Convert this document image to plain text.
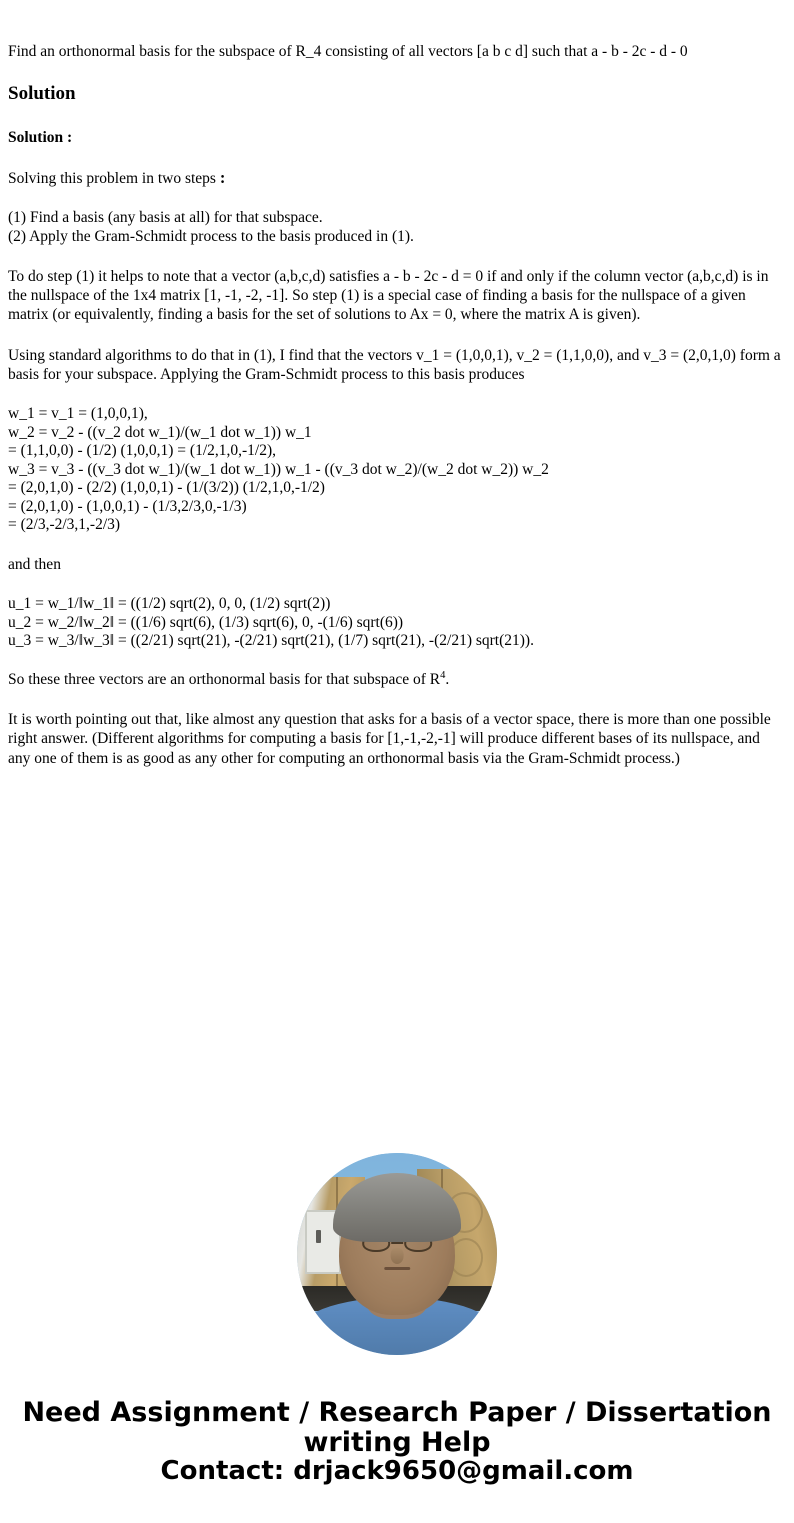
Find an orthonormal basis for the subspace of R_4 consisting of all vectors [a b c d] such that a - b - 2c - d - 0

Solution

Solution :

Solving this problem in two steps :

(1) Find a basis (any basis at all) for that subspace.
(2) Apply the Gram-Schmidt process to the basis produced in (1).

To do step (1) it helps to note that a vector (a,b,c,d) satisfies a - b - 2c - d = 0 if and only if the column vector (a,b,c,d) is in the nullspace of the 1x4 matrix [1, -1, -2, -1]. So step (1) is a special case of finding a basis for the nullspace of a given matrix (or equivalently, finding a basis for the set of solutions to Ax = 0, where the matrix A is given).

Using standard algorithms to do that in (1), I find that the vectors v_1 = (1,0,0,1), v_2 = (1,1,0,0), and v_3 = (2,0,1,0) form a basis for your subspace. Applying the Gram-Schmidt process to this basis produces

w_1 = v_1 = (1,0,0,1),
w_2 = v_2 - ((v_2 dot w_1)/(w_1 dot w_1)) w_1
= (1,1,0,0) - (1/2) (1,0,0,1) = (1/2,1,0,-1/2),
w_3 = v_3 - ((v_3 dot w_1)/(w_1 dot w_1)) w_1 - ((v_3 dot w_2)/(w_2 dot w_2)) w_2
= (2,0,1,0) - (2/2) (1,0,0,1) - (1/(3/2)) (1/2,1,0,-1/2)
= (2,0,1,0) - (1,0,0,1) - (1/3,2/3,0,-1/3)
= (2/3,-2/3,1,-2/3)

and then

u_1 = w_1/‖w_1‖ = ((1/2) sqrt(2), 0, 0, (1/2) sqrt(2))
u_2 = w_2/‖w_2‖ = ((1/6) sqrt(6), (1/3) sqrt(6), 0, -(1/6) sqrt(6))
u_3 = w_3/‖w_3‖ = ((2/21) sqrt(21), -(2/21) sqrt(21), (1/7) sqrt(21), -(2/21) sqrt(21)).

So these three vectors are an orthonormal basis for that subspace of $R^4$.

It is worth pointing out that, like almost any question that asks for a basis of a vector space, there is more than one possible right answer. (Different algorithms for computing a basis for [1,-1,-2,-1] will produce different bases of its nullspace, and any one of them is as good as any other for computing an orthonormal basis via the Gram-Schmidt process.)

Need Assignment / Research Paper / Dissertation
writing Help
Contact: drjack9650@gmail.com
